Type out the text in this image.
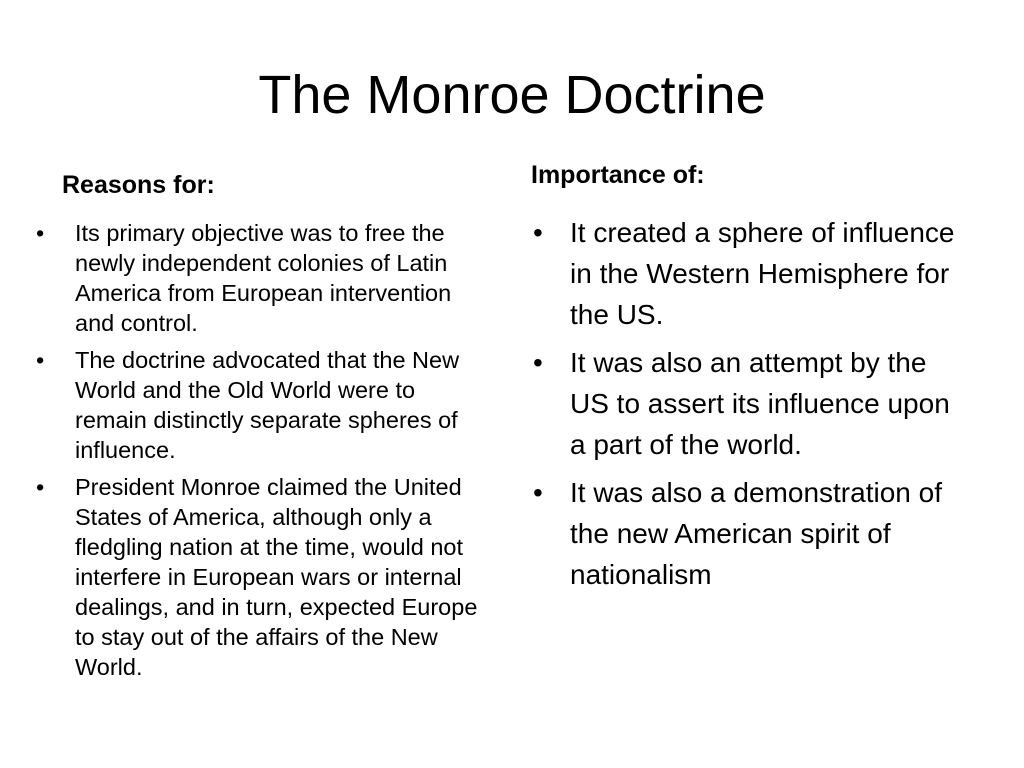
The Monroe Doctrine
Reasons for:
• Its primary objective was to free the newly independent colonies of Latin America from European intervention and control.
• The doctrine advocated that the New World and the Old World were to remain distinctly separate spheres of influence.
• President Monroe claimed the United States of America, although only a fledgling nation at the time, would not interfere in European wars or internal dealings, and in turn, expected Europe to stay out of the affairs of the New World.
Importance of:
• It created a sphere of influence in the Western Hemisphere for the US.
• It was also an attempt by the US to assert its influence upon a part of the world.
• It was also a demonstration of the new American spirit of nationalism
